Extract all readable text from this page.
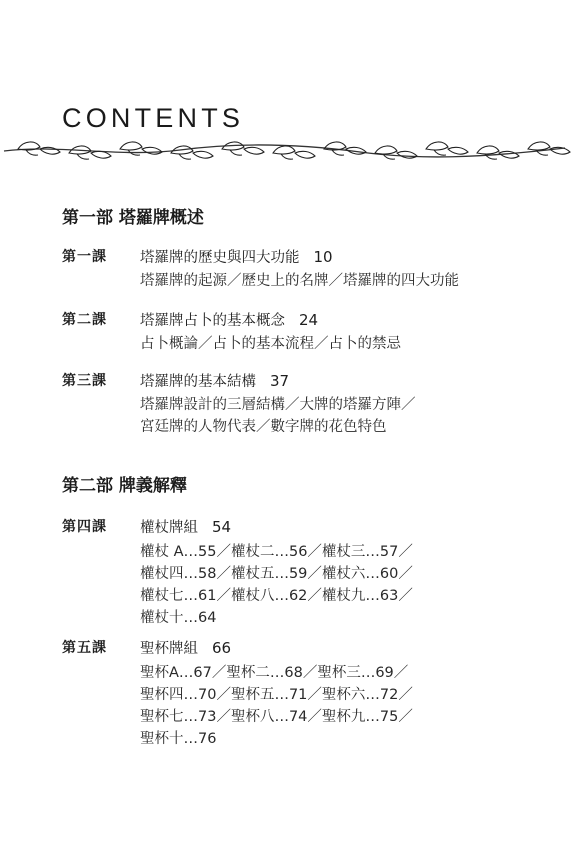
CONTENTS
第一部 塔羅牌概述
第一課 塔羅牌的歷史與四大功能 10
塔羅牌的起源／歷史上的名牌／塔羅牌的四大功能
第二課 塔羅牌占卜的基本概念 24
占卜概論／占卜的基本流程／占卜的禁忌
第三課 塔羅牌的基本結構 37
塔羅牌設計的三層結構／大牌的塔羅方陣／
宮廷牌的人物代表／數字牌的花色特色
第二部 牌義解釋
第四課 權杖牌組 54
權杖 A…55／權杖二…56／權杖三…57／
權杖四…58／權杖五…59／權杖六…60／
權杖七…61／權杖八…62／權杖九…63／
權杖十…64
第五課 聖杯牌組 66
聖杯A…67／聖杯二…68／聖杯三…69／
聖杯四…70／聖杯五…71／聖杯六…72／
聖杯七…73／聖杯八…74／聖杯九…75／
聖杯十…76
